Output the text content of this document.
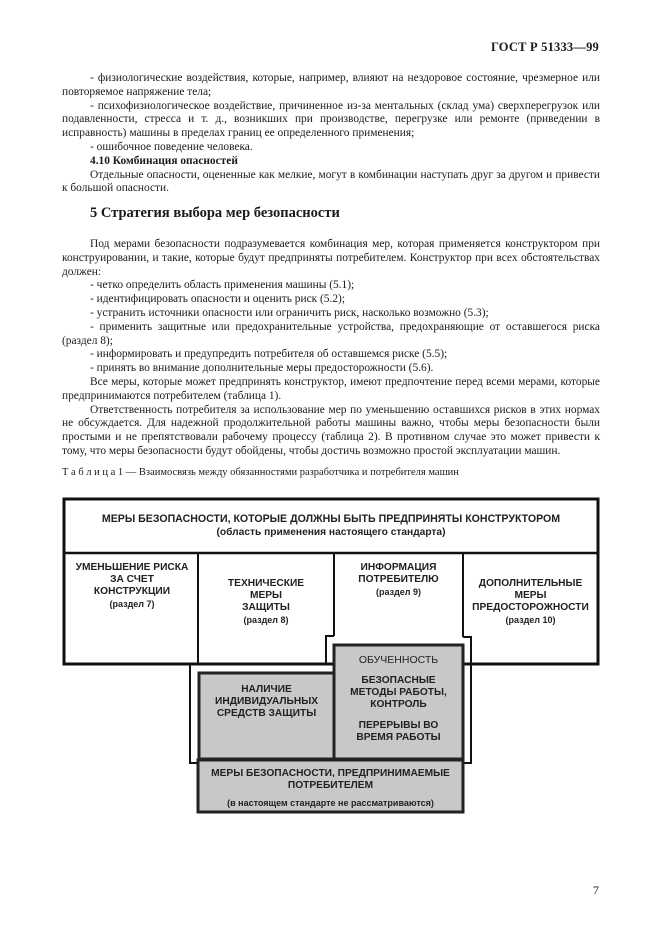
ГОСТ Р 51333—99

- физиологические воздействия, которые, например, влияют на нездоровое состояние, чрезмерное или повторяемое напряжение тела;

- психофизиологическое воздействие, причиненное из-за ментальных (склад ума) сверхперегрузок или подавленности, стресса и т. д., возникших при производстве, перегрузке или ремонте (приведении в исправность) машины в пределах границ ее определенного применения;

- ошибочное поведение человека.

4.10 Комбинация опасностей

Отдельные опасности, оцененные как мелкие, могут в комбинации наступать друг за другом и привести к большой опасности.

5 Стратегия выбора мер безопасности

Под мерами безопасности подразумевается комбинация мер, которая применяется конструктором при конструировании, и такие, которые будут предприняты потребителем. Конструктор при всех обстоятельствах должен:

- четко определить область применения машины (5.1);

- идентифицировать опасности и оценить риск (5.2);

- устранить источники опасности или ограничить риск, насколько возможно (5.3);

- применить защитные или предохранительные устройства, предохраняющие от оставшегося риска (раздел 8);

- информировать и предупредить потребителя об оставшемся риске (5.5);

- принять во внимание дополнительные меры предосторожности (5.6).

Все меры, которые может предпринять конструктор, имеют предпочтение перед всеми мерами, которые предпринимаются потребителем (таблица 1).

Ответственность потребителя за использование мер по уменьшению оставшихся рисков в этих нормах не обсуждается. Для надежной продолжительной работы машины важно, чтобы меры безопасности были простыми и не препятствовали рабочему процессу (таблица 2). В противном случае это может привести к тому, что меры безопасности будут обойдены, чтобы достичь возможно простой эксплуатации машин.

Т а б л и ц а 1 — Взаимосвязь между обязанностями разработчика и потребителя машин
МЕРЫ БЕЗОПАСНОСТИ, КОТОРЫЕ ДОЛЖНЫ БЫТЬ ПРЕДПРИНЯТЫ КОНСТРУКТОРОМ
(область применения настоящего стандарта)
УМЕНЬШЕНИЕ РИСКА
ЗА СЧЕТ
КОНСТРУКЦИИ
(раздел 7)
ТЕХНИЧЕСКИЕ
МЕРЫ
ЗАЩИТЫ
(раздел 8)
ИНФОРМАЦИЯ
ПОТРЕБИТЕЛЮ
(раздел 9)
ДОПОЛНИТЕЛЬНЫЕ
МЕРЫ
ПРЕДОСТОРОЖНОСТИ
(раздел 10)
НАЛИЧИЕ
ИНДИВИДУАЛЬНЫХ
СРЕДСТВ ЗАЩИТЫ
ОБУЧЕННОСТЬ
БЕЗОПАСНЫЕ
МЕТОДЫ РАБОТЫ,
КОНТРОЛЬ
ПЕРЕРЫВЫ ВО
ВРЕМЯ РАБОТЫ
МЕРЫ БЕЗОПАСНОСТИ, ПРЕДПРИНИМАЕМЫЕ
ПОТРЕБИТЕЛЕМ
(в настоящем стандарте не рассматриваются)
7
